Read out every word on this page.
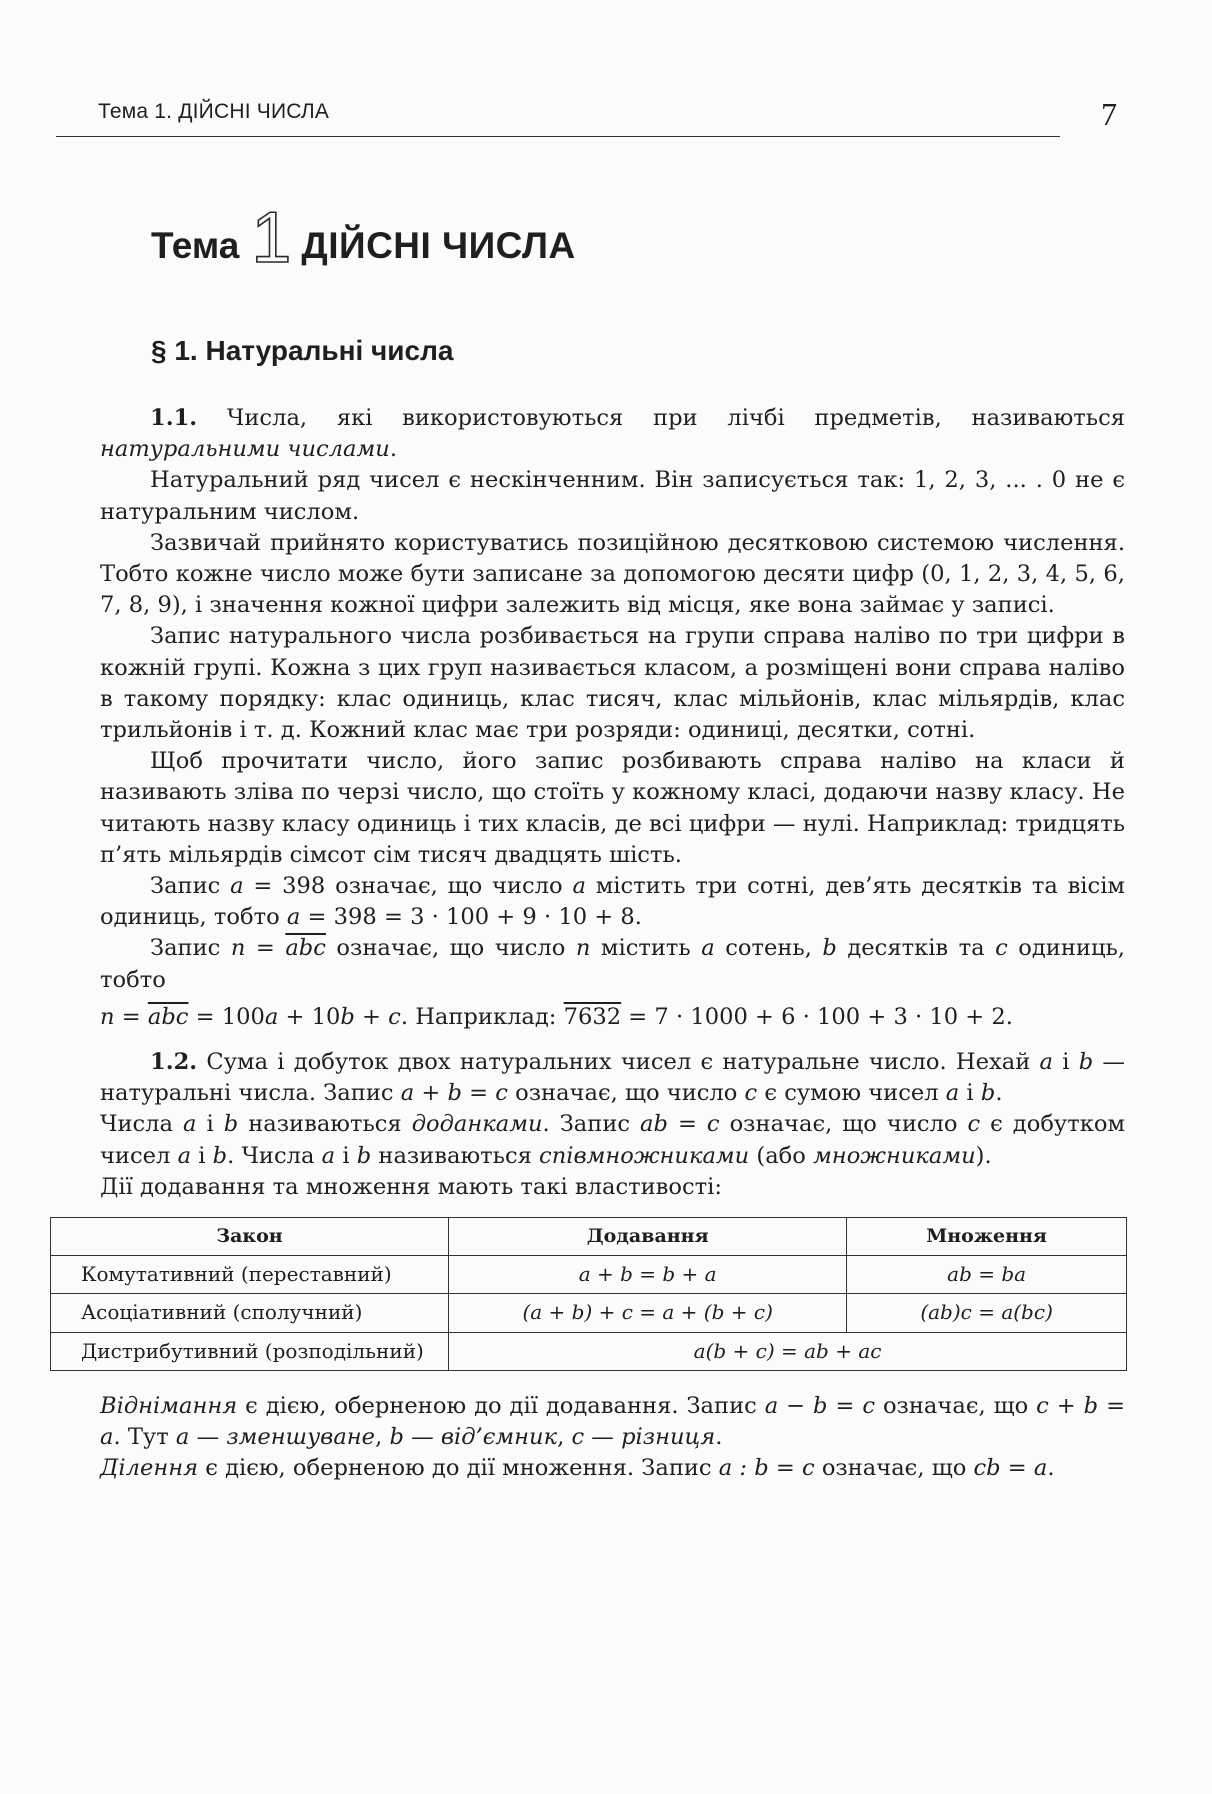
Тема 1. ДІЙСНІ ЧИСЛА	7
Тема 1 ДІЙСНІ ЧИСЛА
§ 1. Натуральні числа

1.1. Числа, які використовуються при лічбі предметів, називаються натуральними числами.

Натуральний ряд чисел є нескінченним. Він записується так: 1, 2, 3, ... . 0 не є натуральним числом.

Зазвичай прийнято користуватись позиційною десятковою системою числення. Тобто кожне число може бути записане за допомогою десяти цифр (0, 1, 2, 3, 4, 5, 6, 7, 8, 9), і значення кожної цифри залежить від місця, яке вона займає у записі.

Запис натурального числа розбивається на групи справа наліво по три цифри в кожній групі. Кожна з цих груп називається класом, а розміщені вони справа наліво в такому порядку: клас одиниць, клас тисяч, клас мільйонів, клас мільярдів, клас трильйонів і т. д. Кожний клас має три розряди: одиниці, десятки, сотні.

Щоб прочитати число, його запис розбивають справа наліво на класи й називають зліва по черзі число, що стоїть у кожному класі, додаючи назву класу. Не читають назву класу одиниць і тих класів, де всі цифри — нулі. Наприклад: тридцять п’ять мільярдів сімсот сім тисяч двадцять шість.

Запис a = 398 означає, що число a містить три сотні, дев’ять десятків та вісім одиниць, тобто a = 398 = 3 · 100 + 9 · 10 + 8.

Запис $n = \overline{abc}$ означає, що число n містить a сотень, b десятків та c одиниць, тобто

$n = \overline{abc} = 100a + 10b + c$. Наприклад: 7632 = 7 · 1000 + 6 · 100 + 3 · 10 + 2.

1.2. Сума і добуток двох натуральних чисел є натуральне число. Нехай a і b — натуральні числа. Запис a + b = c означає, що число c є сумою чисел a і b.

Числа a і b називаються доданками. Запис ab = c означає, що число c є добутком чисел a і b. Числа a і b називаються співмножниками (або множниками).

Дії додавання та множення мають такі властивості:

Закон	Додавання	Множення
Комутативний (переставний)	a + b = b + a	ab = ba
Асоціативний (сполучний)	(a + b) + c = a + (b + c)	(ab)c = a(bc)
Дистрибутивний (розподільний)	a(b + c) = ab + ac	

Віднімання є дією, оберненою до дії додавання. Запис a − b = c означає, що c + b = a. Тут a — зменшуване, b — від’ємник, c — різниця.

Ділення є дією, оберненою до дії множення. Запис a : b = c означає, що cb = a.
